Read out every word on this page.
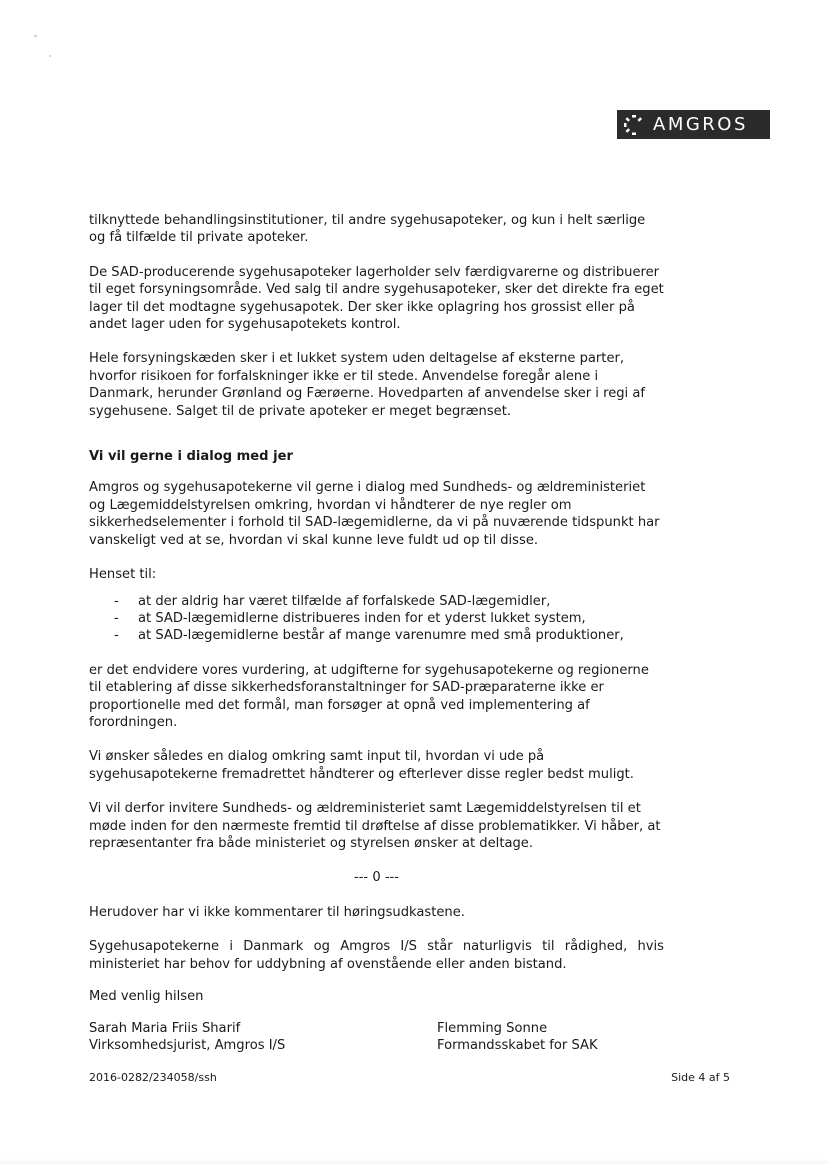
AMGROS

tilknyttede behandlingsinstitutioner, til andre sygehusapoteker, og kun i helt særlige og få tilfælde til private apoteker.

De SAD-producerende sygehusapoteker lagerholder selv færdigvarerne og distribuerer til eget forsyningsområde. Ved salg til andre sygehusapoteker, sker det direkte fra eget lager til det modtagne sygehusapotek. Der sker ikke oplagring hos grossist eller på andet lager uden for sygehusapotekets kontrol.

Hele forsyningskæden sker i et lukket system uden deltagelse af eksterne parter, hvorfor risikoen for forfalskninger ikke er til stede. Anvendelse foregår alene i Danmark, herunder Grønland og Færøerne. Hovedparten af anvendelse sker i regi af sygehusene. Salget til de private apoteker er meget begrænset.

Vi vil gerne i dialog med jer

Amgros og sygehusapotekerne vil gerne i dialog med Sundheds- og ældreministeriet og Lægemiddelstyrelsen omkring, hvordan vi håndterer de nye regler om sikkerhedselementer i forhold til SAD-lægemidlerne, da vi på nuværende tidspunkt har vanskeligt ved at se, hvordan vi skal kunne leve fuldt ud op til disse.

Henset til:

- at der aldrig har været tilfælde af forfalskede SAD-lægemidler,
- at SAD-lægemidlerne distribueres inden for et yderst lukket system,
- at SAD-lægemidlerne består af mange varenumre med små produktioner,

er det endvidere vores vurdering, at udgifterne for sygehusapotekerne og regionerne til etablering af disse sikkerhedsforanstaltninger for SAD-præparaterne ikke er proportionelle med det formål, man forsøger at opnå ved implementering af forordningen.

Vi ønsker således en dialog omkring samt input til, hvordan vi ude på sygehusapotekerne fremadrettet håndterer og efterlever disse regler bedst muligt.

Vi vil derfor invitere Sundheds- og ældreministeriet samt Lægemiddelstyrelsen til et møde inden for den nærmeste fremtid til drøftelse af disse problematikker. Vi håber, at repræsentanter fra både ministeriet og styrelsen ønsker at deltage.

--- 0 ---

Herudover har vi ikke kommentarer til høringsudkastene.

Sygehusapotekerne i Danmark og Amgros I/S står naturligvis til rådighed, hvis ministeriet har behov for uddybning af ovenstående eller anden bistand.

Med venlig hilsen
Sarah Maria Friis Sharif
Virksomhedsjurist, Amgros I/S
Flemming Sonne
Formandsskabet for SAK
2016-0282/234058/ssh	Side 4 af 5
